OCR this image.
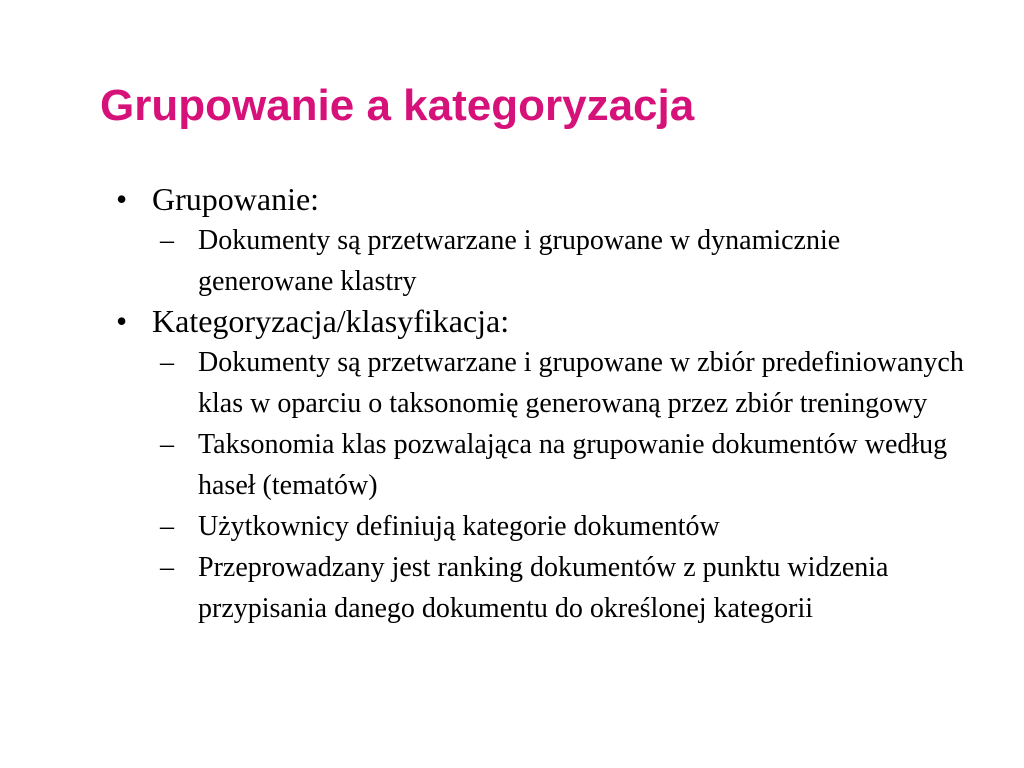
Grupowanie a kategoryzacja
• Grupowanie:
– Dokumenty są przetwarzane i grupowane w dynamicznie generowane klastry
• Kategoryzacja/klasyfikacja:
– Dokumenty są przetwarzane i grupowane w zbiór predefiniowanych klas w oparciu o taksonomię generowaną przez zbiór treningowy
– Taksonomia klas pozwalająca na grupowanie dokumentów według haseł (tematów)
– Użytkownicy definiują kategorie dokumentów
– Przeprowadzany jest ranking dokumentów z punktu widzenia przypisania danego dokumentu do określonej kategorii
